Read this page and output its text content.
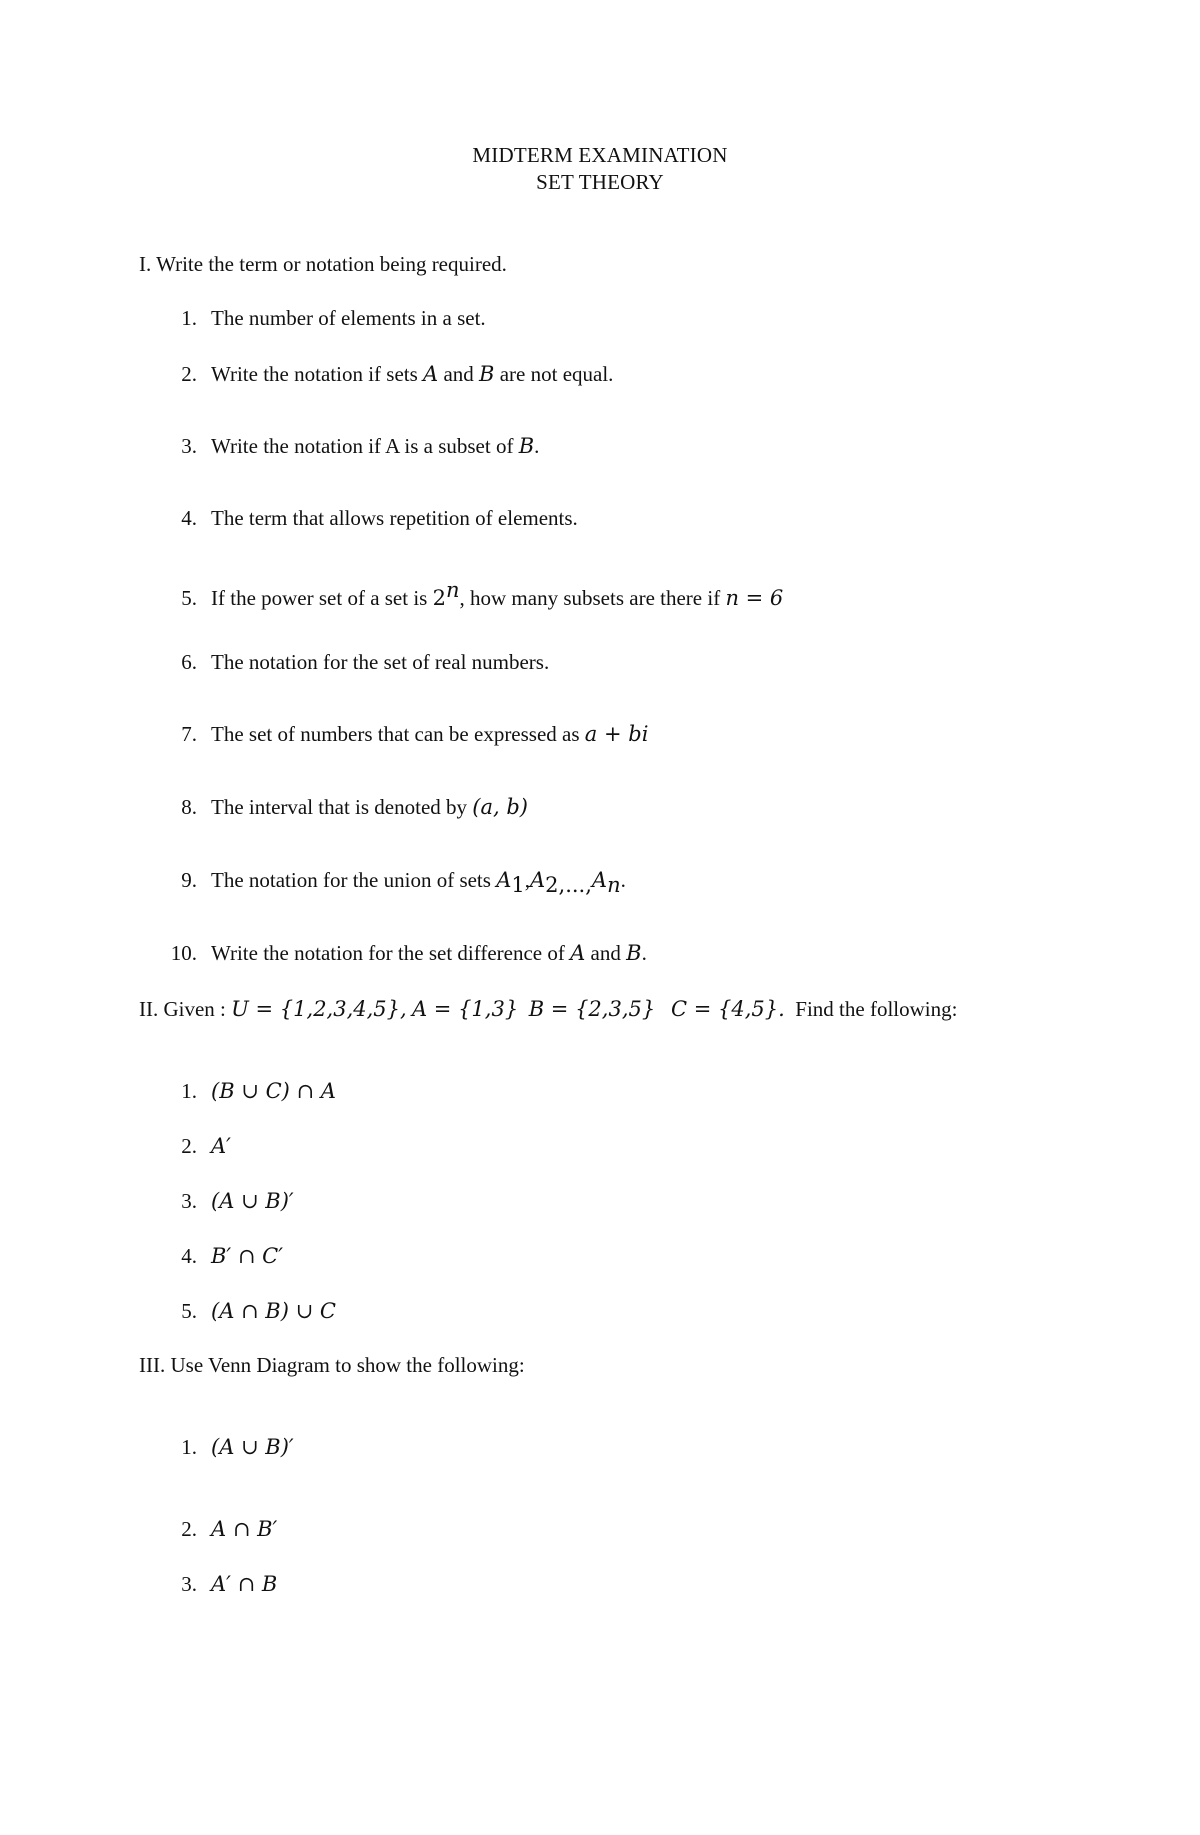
MIDTERM EXAMINATION
SET THEORY
I. Write the term or notation being required.
1. The number of elements in a set.
2. Write the notation if sets A and B are not equal.
3. Write the notation if A is a subset of B.
4. The term that allows repetition of elements.
5. If the power set of a set is 2$^n$, how many subsets are there if n = 6
6. The notation for the set of real numbers.
7. The set of numbers that can be expressed as a + bi
8. The interval that is denoted by (a, b)
9. The notation for the union of sets $A_1,A_{2,...,}A_n$.
10. Write the notation for the set difference of A and B.
II. Given : U = {1,2,3,4,5}, A = {1,3} B = {2,3,5} C = {4,5}. Find the following:
1. (B ∪ C) ∩ A
2. A′
3. (A ∪ B)′
4. B′ ∩ C′
5. (A ∩ B) ∪ C
III. Use Venn Diagram to show the following:
1. (A ∪ B)′
2. A ∩ B′
3. A′ ∩ B
